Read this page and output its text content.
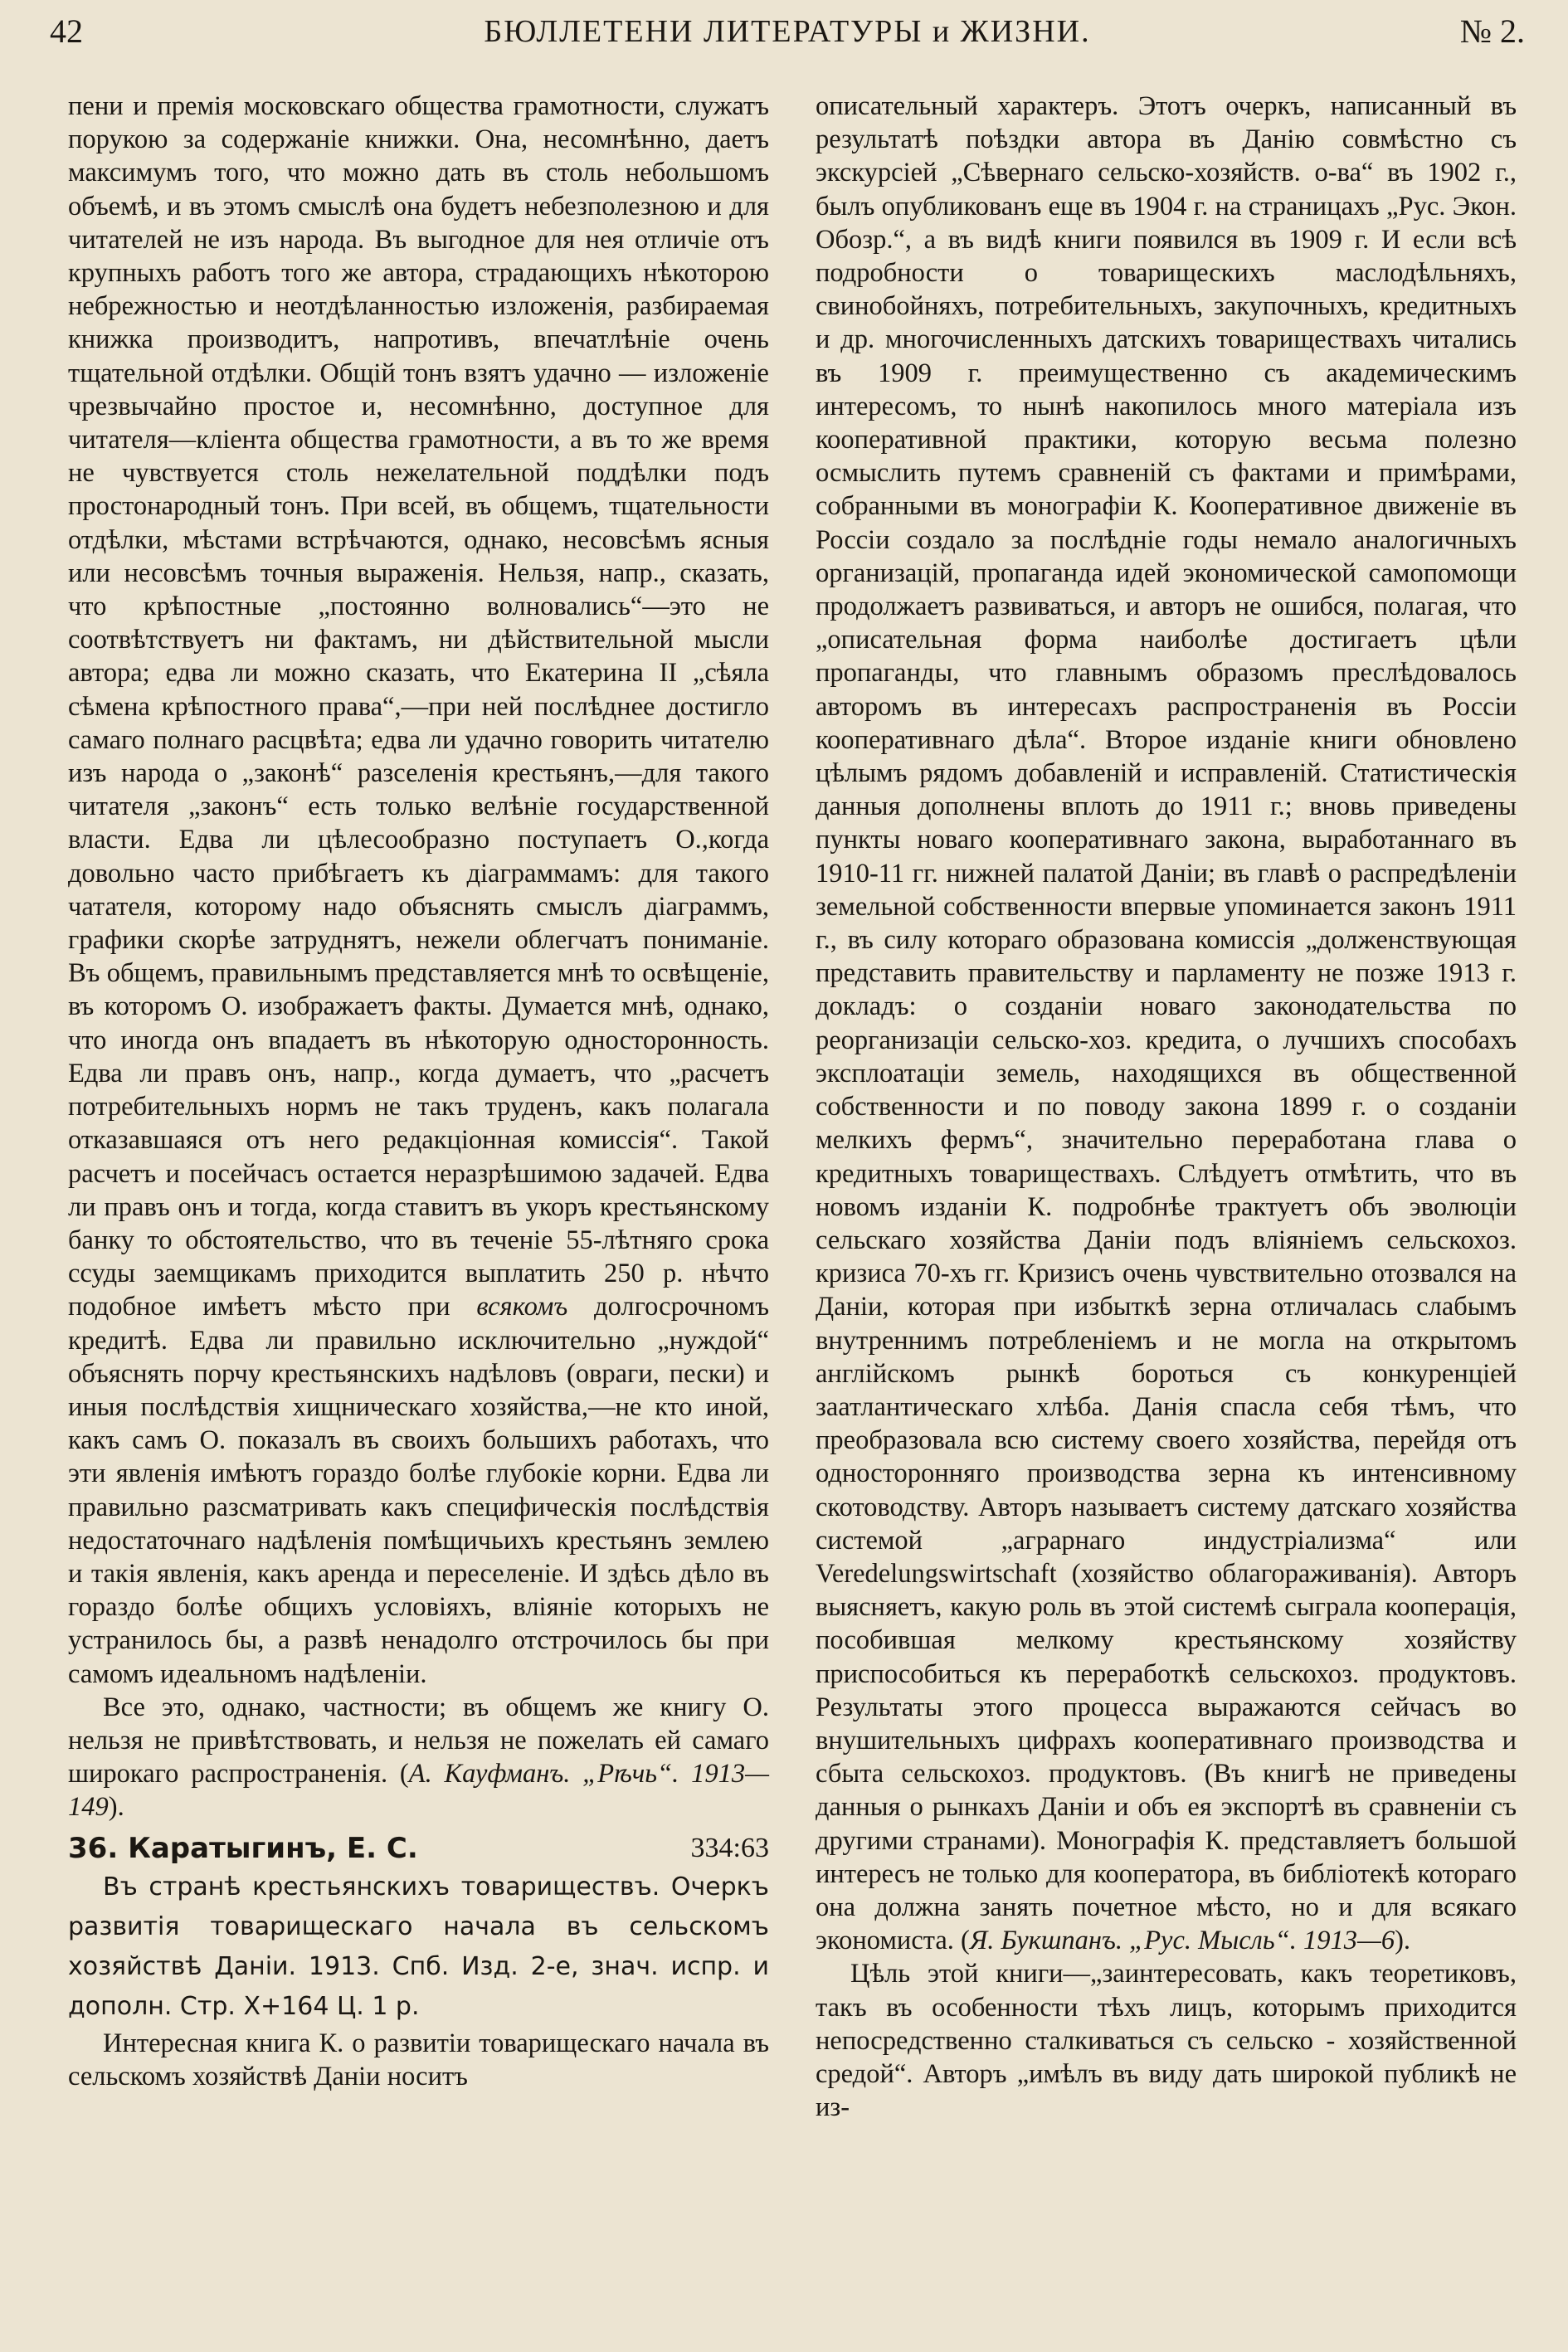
42	БЮЛЛЕТЕНИ ЛИТЕРАТУРЫ и ЖИЗНИ.	№ 2.

пени и премія московскаго общества грамотности, служатъ порукою за содержаніе книжки. Она, несомнѣнно, даетъ максимумъ того, что можно дать въ столь небольшомъ объемѣ, и въ этомъ смыслѣ она будетъ небезполезною и для читателей не изъ народа. Въ выгодное для нея отличіе отъ крупныхъ работъ того же автора, страдающихъ нѣкоторою небрежностью и неотдѣланностью изложенія, разбираемая книжка производитъ, напротивъ, впечатлѣніе очень тщательной отдѣлки. Общій тонъ взятъ удачно — изложеніе чрезвычайно простое и, несомнѣнно, доступное для читателя—кліента общества грамотности, а въ то же время не чувствуется столь нежелательной поддѣлки подъ простонародный тонъ. При всей, въ общемъ, тщательности отдѣлки, мѣстами встрѣчаются, однако, несовсѣмъ ясныя или несовсѣмъ точныя выраженія. Нельзя, напр., сказать, что крѣпостные „постоянно волновались“—это не соотвѣтствуетъ ни фактамъ, ни дѣйствительной мысли автора; едва ли можно сказать, что Екатерина II „сѣяла сѣмена крѣпостного права“,—при ней послѣднее достигло самаго полнаго расцвѣта; едва ли удачно говорить читателю изъ народа о „законѣ“ разселенія крестьянъ,—для такого читателя „законъ“ есть только велѣніе государственной власти. Едва ли цѣлесообразно поступаетъ О.,когда довольно часто прибѣгаетъ къ діаграммамъ: для такого чатателя, которому надо объяснять смыслъ діаграммъ, графики скорѣе затруднятъ, нежели облегчатъ пониманіе. Въ общемъ, правильнымъ представляется мнѣ то освѣщеніе, въ которомъ О. изображаетъ факты. Думается мнѣ, однако, что иногда онъ впадаетъ въ нѣкоторую односторонность. Едва ли правъ онъ, напр., когда думаетъ, что „расчетъ потребительныхъ нормъ не такъ труденъ, какъ полагала отказавшаяся отъ него редакціонная комиссія“. Такой расчетъ и посейчасъ остается неразрѣшимою задачей. Едва ли правъ онъ и тогда, когда ставитъ въ укоръ крестьянскому банку то обстоятельство, что въ теченіе 55-лѣтняго срока ссуды заемщикамъ приходится выплатить 250 р. нѣчто подобное имѣетъ мѣсто при всякомъ долгосрочномъ кредитѣ. Едва ли правильно исключительно „нуждой“ объяснять порчу крестьянскихъ надѣловъ (овраги, пески) и иныя послѣдствія хищническаго хозяйства,—не кто иной, какъ самъ О. показалъ въ своихъ большихъ работахъ, что эти явленія имѣютъ гораздо болѣе глубокіе корни. Едва ли правильно разсматривать какъ специфическія послѣдствія недостаточнаго надѣленія помѣщичьихъ крестьянъ землею и такія явленія, какъ аренда и переселеніе. И здѣсь дѣло въ гораздо болѣе общихъ условіяхъ, вліяніе которыхъ не устранилось бы, а развѣ ненадолго отстрочилось бы при самомъ идеальномъ надѣленіи.

Все это, однако, частности; въ общемъ же книгу О. нельзя не привѣтствовать, и нельзя не пожелать ей самаго широкаго распространенія. (А. Кауфманъ. „Рѣчь“. 1913—149).

36. Каратыгинъ, Е. С.	334:63

Въ странѣ крестьянскихъ товариществъ. Очеркъ развитія товарищескаго начала въ сельскомъ хозяйствѣ Даніи. 1913. Спб. Изд. 2-е, знач. испр. и дополн. Стр. X+164 Ц. 1 р.

Интересная книга К. о развитіи товарищескаго начала въ сельскомъ хозяйствѣ Даніи носитъ

описательный характеръ. Этотъ очеркъ, написанный въ результатѣ поѣздки автора въ Данію совмѣстно съ экскурсіей „Сѣвернаго сельско-хозяйств. о-ва“ въ 1902 г., былъ опубликованъ еще въ 1904 г. на страницахъ „Рус. Экон. Обозр.“, а въ видѣ книги появился въ 1909 г. И если всѣ подробности о товарищескихъ маслодѣльняхъ, свинобойняхъ, потребительныхъ, закупочныхъ, кредитныхъ и др. многочисленныхъ датскихъ товариществахъ читались въ 1909 г. преимущественно съ академическимъ интересомъ, то нынѣ накопилось много матеріала изъ кооперативной практики, которую весьма полезно осмыслить путемъ сравненій съ фактами и примѣрами, собранными въ монографіи К. Кооперативное движеніе въ Россіи создало за послѣдніе годы немало аналогичныхъ организацій, пропаганда идей экономической самопомощи продолжаетъ развиваться, и авторъ не ошибся, полагая, что „описательная форма наиболѣе достигаетъ цѣли пропаганды, что главнымъ образомъ преслѣдовалось авторомъ въ интересахъ распространенія въ Россіи кооперативнаго дѣла“. Второе изданіе книги обновлено цѣлымъ рядомъ добавленій и исправленій. Статистическія данныя дополнены вплоть до 1911 г.; вновь приведены пункты новаго кооперативнаго закона, выработаннаго въ 1910-11 гг. нижней палатой Даніи; въ главѣ о распредѣленіи земельной собственности впервые упоминается законъ 1911 г., въ силу котораго образована комиссія „долженствующая представить правительству и парламенту не позже 1913 г. докладъ: о созданіи новаго законодательства по реорганизаціи сельско-хоз. кредита, о лучшихъ способахъ эксплоатаціи земель, находящихся въ общественной собственности и по поводу закона 1899 г. о созданіи мелкихъ фермъ“, значительно переработана глава о кредитныхъ товариществахъ. Слѣдуетъ отмѣтить, что въ новомъ изданіи К. подробнѣе трактуетъ объ эволюціи сельскаго хозяйства Даніи подъ вліяніемъ сельскохоз. кризиса 70-хъ гг. Кризисъ очень чувствительно отозвался на Даніи, которая при избыткѣ зерна отличалась слабымъ внутреннимъ потребленіемъ и не могла на открытомъ англійскомъ рынкѣ бороться съ конкуренціей заатлантическаго хлѣба. Данія спасла себя тѣмъ, что преобразовала всю систему своего хозяйства, перейдя отъ односторонняго производства зерна къ интенсивному скотоводству. Авторъ называетъ систему датскаго хозяйства системой „аграрнаго индустріализма“ или Veredelungswirtschaft (хозяйство облагораживанія). Авторъ выясняетъ, какую роль въ этой системѣ сыграла кооперація, пособившая мелкому крестьянскому хозяйству приспособиться къ переработкѣ сельскохоз. продуктовъ. Результаты этого процесса выражаются сейчасъ во внушительныхъ цифрахъ кооперативнаго производства и сбыта сельскохоз. продуктовъ. (Въ книгѣ не приведены данныя о рынкахъ Даніи и объ ея экспортѣ въ сравненіи съ другими странами). Монографія К. представляетъ большой интересъ не только для кооператора, въ библіотекѣ котораго она должна занять почетное мѣсто, но и для всякаго экономиста. (Я. Букшпанъ. „Рус. Мысль“. 1913—6).

Цѣль этой книги—„заинтересовать, какъ теоретиковъ, такъ въ особенности тѣхъ лицъ, которымъ приходится непосредственно сталкиваться съ сельско - хозяйственной средой“. Авторъ „имѣлъ въ виду дать широкой публикѣ не из-
